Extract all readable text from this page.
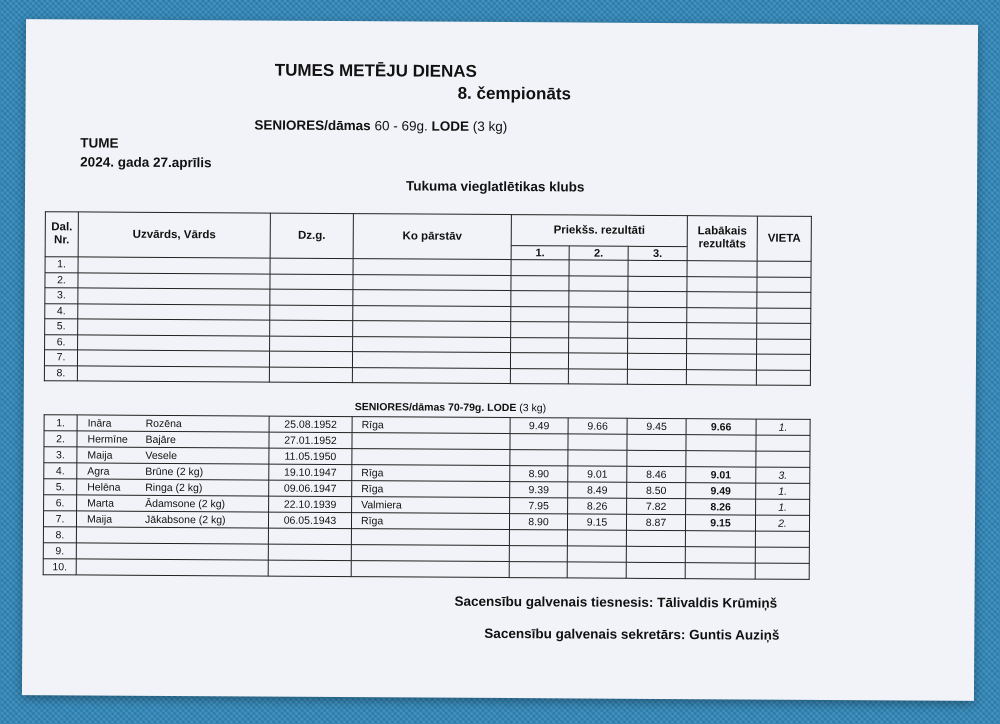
TUMES METĒJU DIENAS
8. čempionāts
SENIORES/dāmas 60 - 69g. LODE (3 kg)
TUME
2024. gada 27.aprīlis
Tukuma vieglatlētikas klubs
Dal. Nr.	Uzvārds, Vārds	Dz.g.	Ko pārstāv	Priekšs. rezultāti			Labākais rezultāts	VIETA
				1.	2.	3.		
1.								
2.								
3.								
4.								
5.								
6.								
7.								
8.								
SENIORES/dāmas 70-79g. LODE (3 kg)
1.	Ināra Rozēna	25.08.1952	Rīga	9.49	9.66	9.45	9.66	1.
2.	Hermīne Bajāre	27.01.1952						
3.	Maija Vesele	11.05.1950						
4.	Agra Brūne (2 kg)	19.10.1947	Rīga	8.90	9.01	8.46	9.01	3.
5.	Helēna Ringa (2 kg)	09.06.1947	Rīga	9.39	8.49	8.50	9.49	1.
6.	Marta Ādamsone (2 kg)	22.10.1939	Valmiera	7.95	8.26	7.82	8.26	1.
7.	Maija Jākabsone (2 kg)	06.05.1943	Rīga	8.90	9.15	8.87	9.15	2.
8.								
9.								
10.								
Sacensību galvenais tiesnesis: Tālivaldis Krūmiņš
Sacensību galvenais sekretārs: Guntis Auziņš
